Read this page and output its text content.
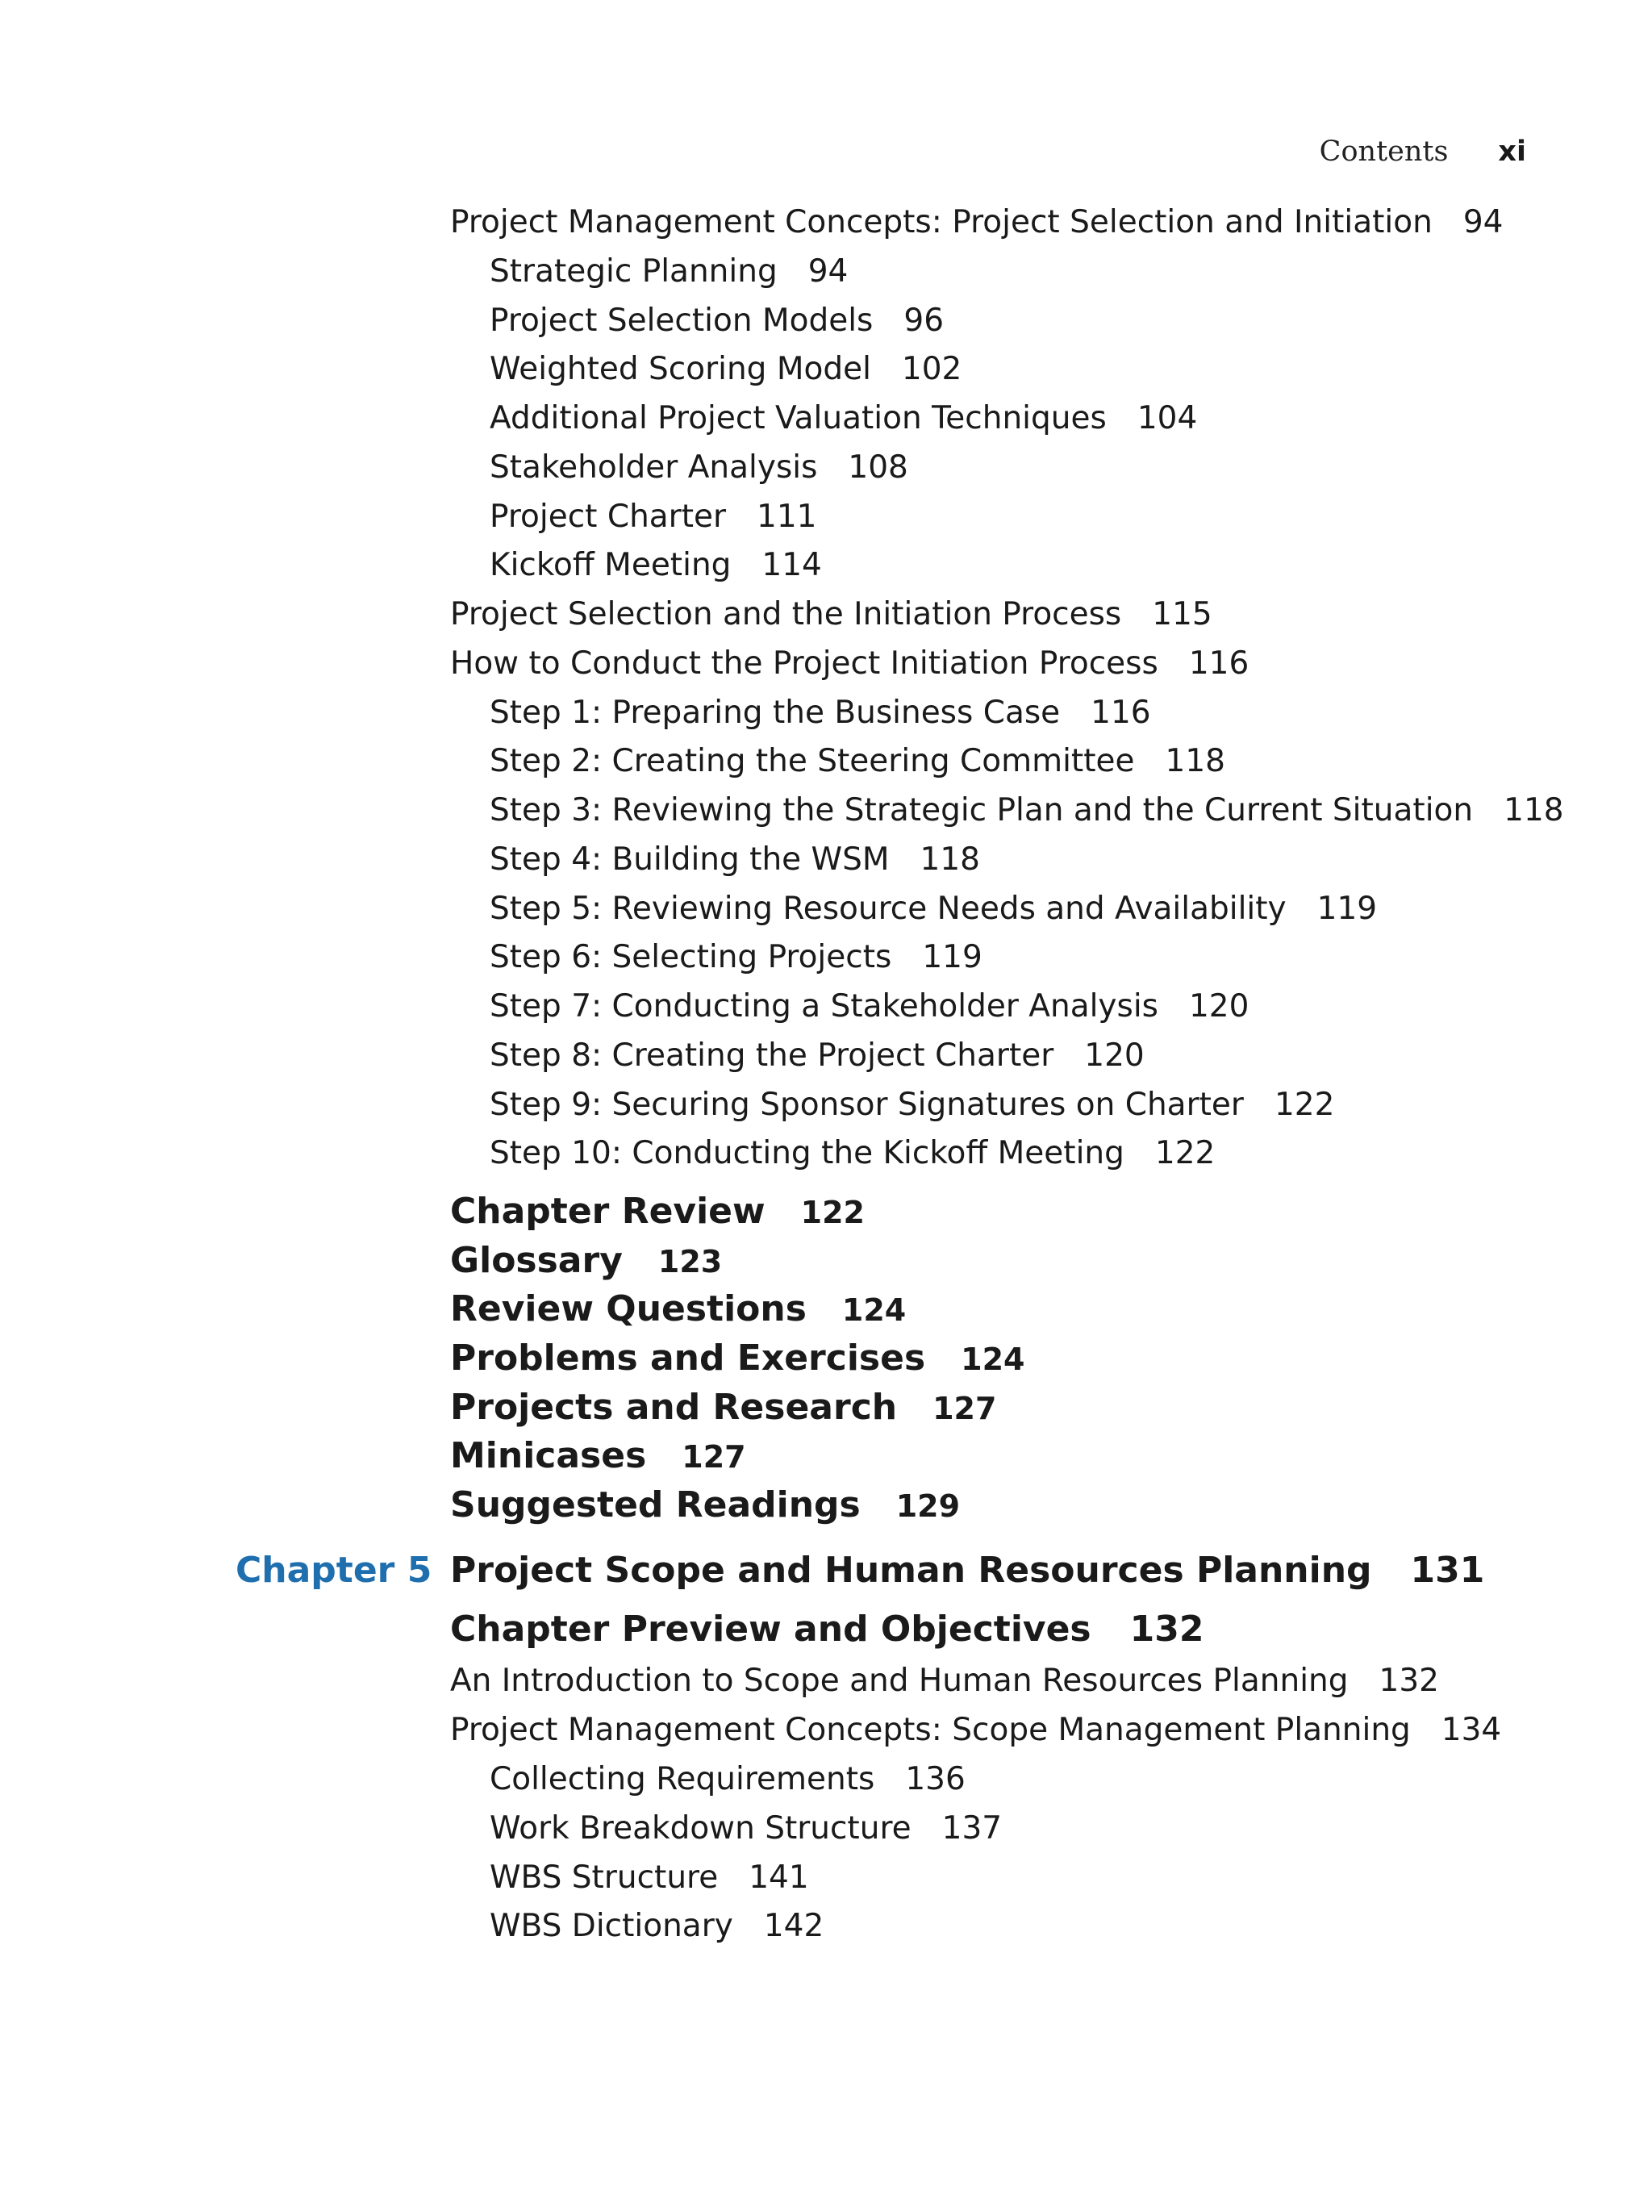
Contents xi
Project Management Concepts: Project Selection and Initiation 94
Strategic Planning 94
Project Selection Models 96
Weighted Scoring Model 102
Additional Project Valuation Techniques 104
Stakeholder Analysis 108
Project Charter 111
Kickoff Meeting 114
Project Selection and the Initiation Process 115
How to Conduct the Project Initiation Process 116
Step 1: Preparing the Business Case 116
Step 2: Creating the Steering Committee 118
Step 3: Reviewing the Strategic Plan and the Current Situation 118
Step 4: Building the WSM 118
Step 5: Reviewing Resource Needs and Availability 119
Step 6: Selecting Projects 119
Step 7: Conducting a Stakeholder Analysis 120
Step 8: Creating the Project Charter 120
Step 9: Securing Sponsor Signatures on Charter 122
Step 10: Conducting the Kickoff Meeting 122
Chapter Review 122
Glossary 123
Review Questions 124
Problems and Exercises 124
Projects and Research 127
Minicases 127
Suggested Readings 129
Chapter 5 Project Scope and Human Resources Planning 131
Chapter Preview and Objectives 132
An Introduction to Scope and Human Resources Planning 132
Project Management Concepts: Scope Management Planning 134
Collecting Requirements 136
Work Breakdown Structure 137
WBS Structure 141
WBS Dictionary 142
